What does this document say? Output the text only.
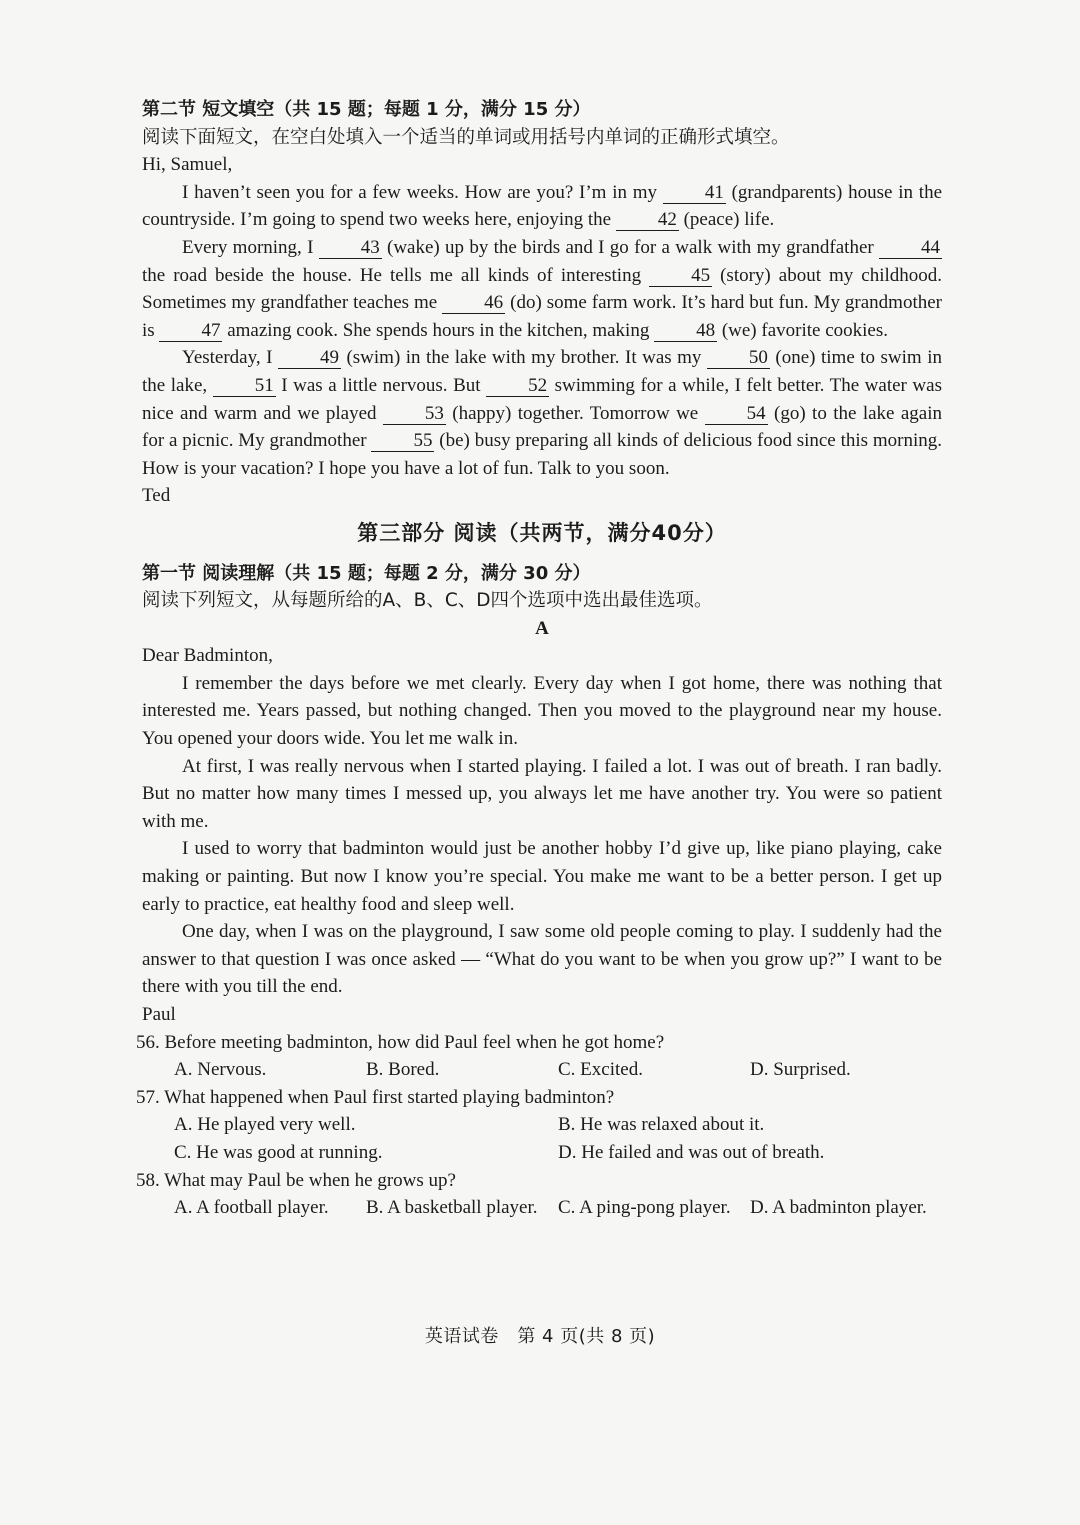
第二节 短文填空（共 15 题；每题 1 分，满分 15 分）

阅读下面短文，在空白处填入一个适当的单词或用括号内单词的正确形式填空。

Hi, Samuel,

I haven’t seen you for a few weeks. How are you? I’m in my 41 (grandparents) house in the countryside. I’m going to spend two weeks here, enjoying the 42 (peace) life.

Every morning, I 43 (wake) up by the birds and I go for a walk with my grandfather 44 the road beside the house. He tells me all kinds of interesting 45 (story) about my childhood. Sometimes my grandfather teaches me 46 (do) some farm work. It’s hard but fun. My grandmother is 47 amazing cook. She spends hours in the kitchen, making 48 (we) favorite cookies.

Yesterday, I 49 (swim) in the lake with my brother. It was my 50 (one) time to swim in the lake, 51 I was a little nervous. But 52 swimming for a while, I felt better. The water was nice and warm and we played 53 (happy) together. Tomorrow we 54 (go) to the lake again for a picnic. My grandmother 55 (be) busy preparing all kinds of delicious food since this morning. How is your vacation? I hope you have a lot of fun. Talk to you soon.

Ted

第三部分 阅读（共两节，满分40分）

第一节 阅读理解（共 15 题；每题 2 分，满分 30 分）

阅读下列短文，从每题所给的A、B、C、D四个选项中选出最佳选项。

A

Dear Badminton,

I remember the days before we met clearly. Every day when I got home, there was nothing that interested me. Years passed, but nothing changed. Then you moved to the playground near my house. You opened your doors wide. You let me walk in.

At first, I was really nervous when I started playing. I failed a lot. I was out of breath. I ran badly. But no matter how many times I messed up, you always let me have another try. You were so patient with me.

I used to worry that badminton would just be another hobby I’d give up, like piano playing, cake making or painting. But now I know you’re special. You make me want to be a better person. I get up early to practice, eat healthy food and sleep well.

One day, when I was on the playground, I saw some old people coming to play. I suddenly had the answer to that question I was once asked — “What do you want to be when you grow up?” I want to be there with you till the end.

Paul

56. Before meeting badminton, how did Paul feel when he got home?

A. Nervous.	B. Bored.	C. Excited.	D. Surprised.

57. What happened when Paul first started playing badminton?

A. He played very well.	B. He was relaxed about it.
C. He was good at running.	D. He failed and was out of breath.

58. What may Paul be when he grows up?

A. A football player.	B. A basketball player.	C. A ping-pong player.	D. A badminton player.
英语试卷　第 4 页(共 8 页)
